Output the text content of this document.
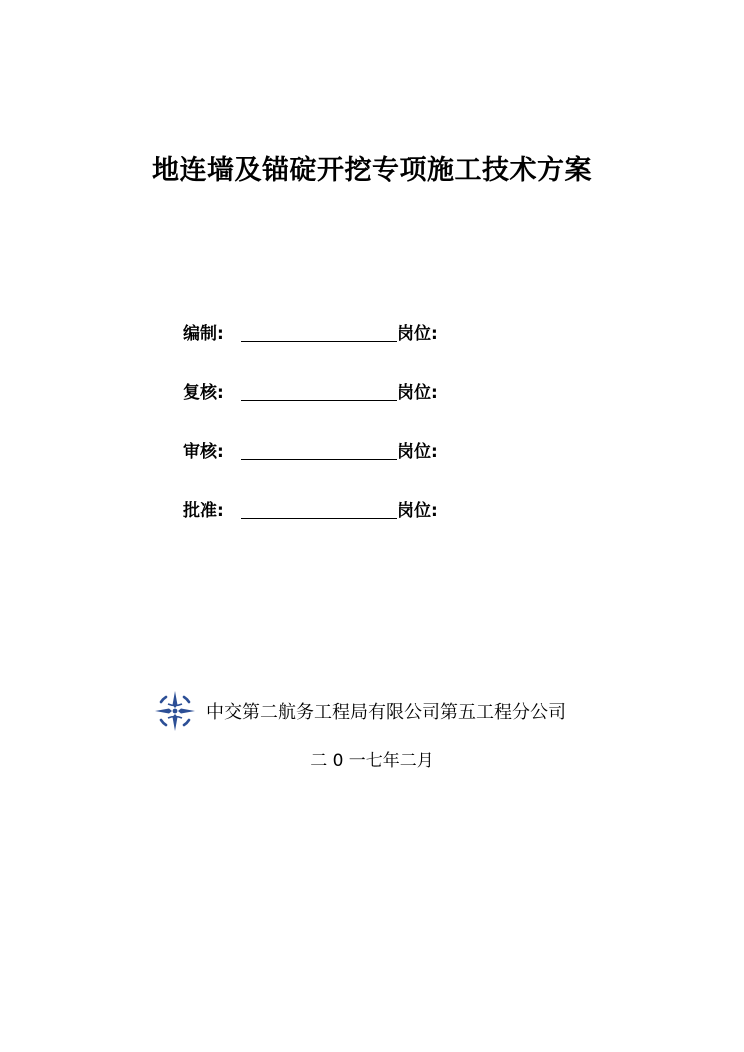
地连墙及锚碇开挖专项施工技术方案
编制:	岗位:
复核:	岗位:
审核:	岗位:
批准:	岗位:
中交第二航务工程局有限公司第五工程分公司
二 0 一七年二月
